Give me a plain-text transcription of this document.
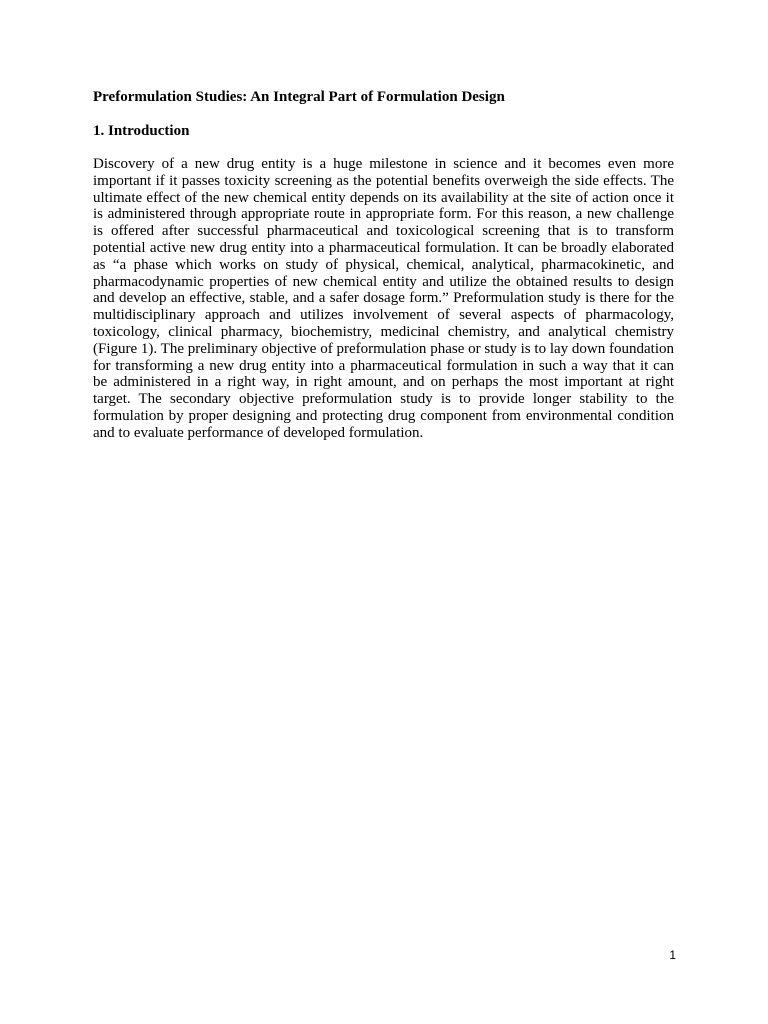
Preformulation Studies: An Integral Part of Formulation Design
1. Introduction

Discovery of a new drug entity is a huge milestone in science and it becomes even more important if it passes toxicity screening as the potential benefits overweigh the side effects. The ultimate effect of the new chemical entity depends on its availability at the site of action once it is administered through appropriate route in appropriate form. For this reason, a new challenge is offered after successful pharmaceutical and toxicological screening that is to transform potential active new drug entity into a pharmaceutical formulation. It can be broadly elaborated as “a phase which works on study of physical, chemical, analytical, pharmacokinetic, and pharmacodynamic properties of new chemical entity and utilize the obtained results to design and develop an effective, stable, and a safer dosage form.” Preformulation study is there for the multidisciplinary approach and utilizes involvement of several aspects of pharmacology, toxicology, clinical pharmacy, biochemistry, medicinal chemistry, and analytical chemistry (Figure 1). The preliminary objective of preformulation phase or study is to lay down foundation for transforming a new drug entity into a pharmaceutical formulation in such a way that it can be administered in a right way, in right amount, and on perhaps the most important at right target. The secondary objective preformulation study is to provide longer stability to the formulation by proper designing and protecting drug component from environmental condition and to evaluate performance of developed formulation.

1
